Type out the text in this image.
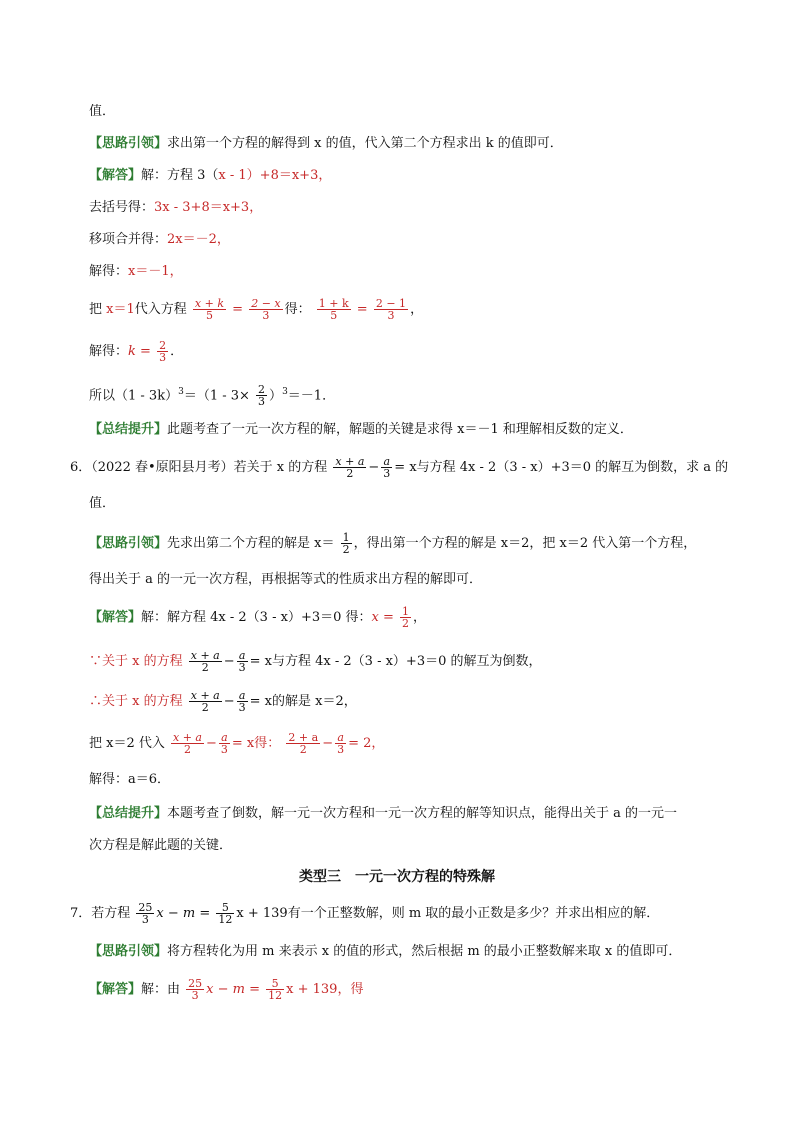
值．
【思路引领】求出第一个方程的解得到 x 的值，代入第二个方程求出 k 的值即可．
【解答】解：方程 3（x - 1）+8＝x+3，
去括号得：3x - 3+8＝x+3，
移项合并得：2x＝－2，
解得：x＝－1，
把 x＝1代入方程 $\frac{x + k}{5} = \frac{2 - x}{3}$ 得： $\frac{1 + k}{5} = \frac{2 - 1}{3}$ ，
解得：$k = \frac{2}{3}$ ．
所以$(1 - 3k)^3=(1 - 3\times \frac{2}{3} )^3=-1$．
【总结提升】此题考查了一元一次方程的解，解题的关键是求得 x＝－1 和理解相反数的定义．
6．（2022 春•原阳县月考）若关于 x 的方程 $\frac{x + a}{2} - \frac{a}{3} = x$与方程 4x - 2（3 - x）+3＝0 的解互为倒数，求 a 的
值．
【思路引领】先求出第二个方程的解是 $x= \frac{1}{2}$ ，得出第一个方程的解是 x＝2，把 x＝2 代入第一个方程，
得出关于 a 的一元一次方程，再根据等式的性质求出方程的解即可．
【解答】解：解方程 4x - 2（3 - x）+3＝0 得：$x = \frac{1}{2}$ ，
∵关于 x 的方程 $\frac{x + a}{2} - \frac{a}{3} = x$与方程 4x - 2（3 - x）+3＝0 的解互为倒数，
∴关于 x 的方程 $\frac{x + a}{2} - \frac{a}{3} = x$的解是 x＝2，
把 x＝2 代入 $\frac{x + a}{2} - \frac{a}{3} = x$得： $\frac{2 + a}{2} - \frac{a}{3} = 2$，
解得：a＝6．
【总结提升】本题考查了倒数，解一元一次方程和一元一次方程的解等知识点，能得出关于 a 的一元一
次方程是解此题的关键．
类型三　一元一次方程的特殊解
7．若方程 $\frac{25}{3}$ $x - m = \frac{5}{12}$ x + 139有一个正整数解，则 m 取的最小正数是多少？并求出相应的解．
【思路引领】将方程转化为用 m 来表示 x 的值的形式，然后根据 m 的最小正整数解来取 x 的值即可．
【解答】解：由 $\frac{25}{3}$ $x - m = \frac{5}{12}$ x + 139，得
